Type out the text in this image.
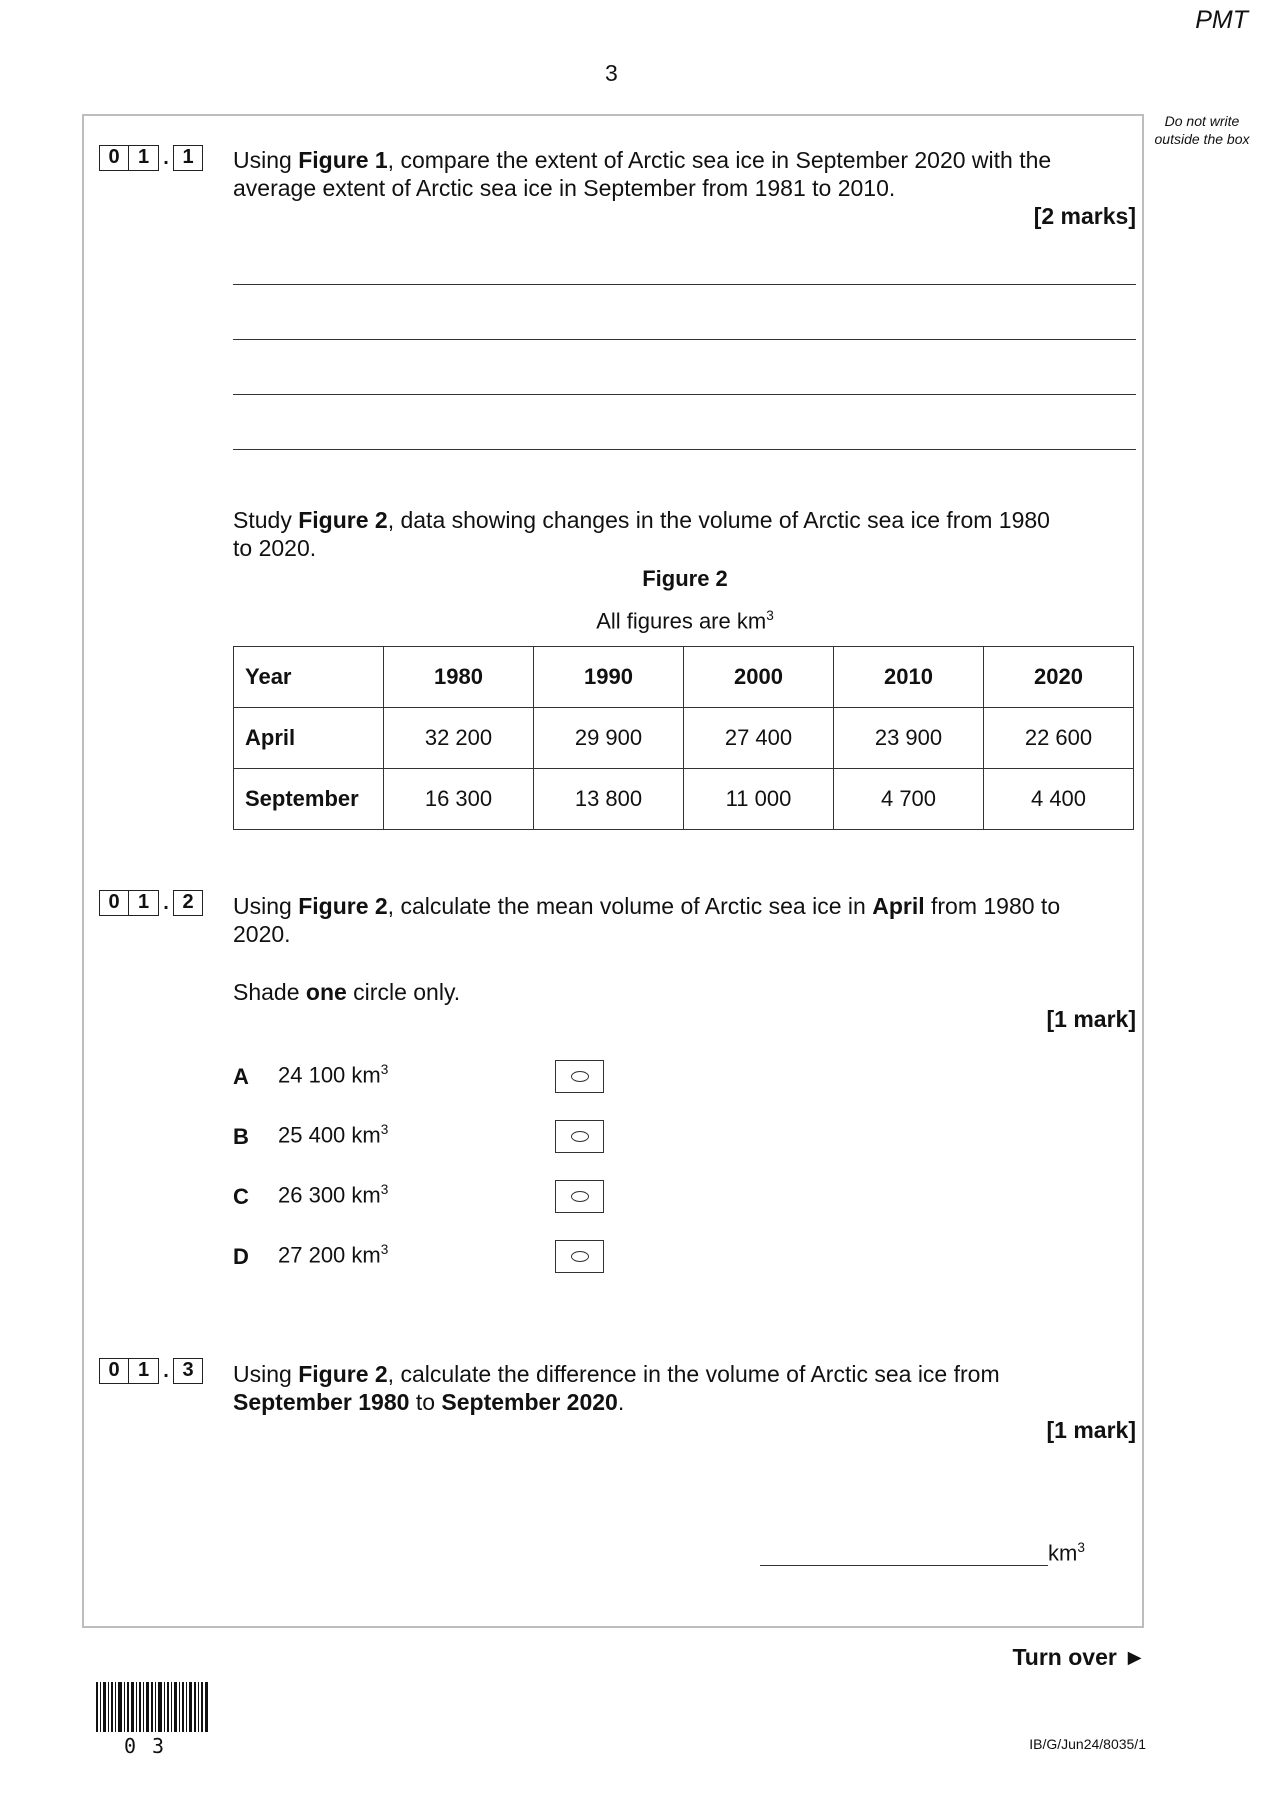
PMT
3
Do not write outside the box
0 1 . 1	Using Figure 1, compare the extent of Arctic sea ice in September 2020 with the average extent of Arctic sea ice in September from 1981 to 2010.
[2 marks]
Study Figure 2, data showing changes in the volume of Arctic sea ice from 1980 to 2020.
Figure 2
All figures are $km^3$
Year	1980	1990	2000	2010	2020
April	32 200	29 900	27 400	23 900	22 600
September	16 300	13 800	11 000	4 700	4 400
0 1 . 2	Using Figure 2, calculate the mean volume of Arctic sea ice in April from 1980 to 2020.
Shade one circle only.
[1 mark]
A 24 100 $km^3$
B 25 400 $km^3$
C 26 300 $km^3$
D 27 200 $km^3$
0 1 . 3	Using Figure 2, calculate the difference in the volume of Arctic sea ice from September 1980 to September 2020.
[1 mark]
$km^3$
Turn over ►
03	IB/G/Jun24/8035/1
